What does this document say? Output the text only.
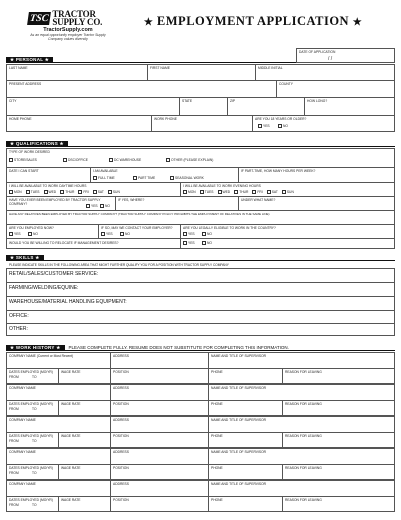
TSC TRACTOR
SUPPLY CO.
TractorSupply.com
As an equal opportunity employer Tractor Supply Company values diversity
★ EMPLOYMENT APPLICATION ★
DATE OF APPLICATION
/ /
★ PERSONAL ★
LAST NAME	FIRST NAME	MIDDLE INITIAL
PRESENT ADDRESS	COUNTY
CITY	STATE	ZIP	HOW LONG?
HOME PHONE	WORK PHONE	ARE YOU 18 YEARS OR OLDER?
YES	NO
★ QUALIFICATIONS ★
TYPE OF WORK DESIRED
STORE/SALES	DSC/OFFICE	DC WAREHOUSE	OTHER (PLEASE EXPLAIN)
DATE I CAN START	I AM AVAILABLE
FULL TIME	PART TIME	SEASONAL WORK
IF PART-TIME, HOW MANY HOURS PER WEEK?
I WILL BE AVAILABLE TO WORK DAYTIME HOURS	I WILL BE AVAILABLE TO WORK EVENING HOURS
MON	TUES	WED	THUR	FRI	SAT	SUN	MON	TUES	WED	THUR	FRI	SAT	SUN
HAVE YOU EVER BEEN EMPLOYED BY TRACTOR SUPPLY COMPANY?	YES	NO
IF YES, WHERE?	UNDER WHAT NAME?
HAVE ANY RELATIVES BEEN EMPLOYED BY TRACTOR SUPPLY COMPANY? (TRACTOR SUPPLY COMPANY POLICY PROHIBITS THE EMPLOYMENT OF RELATIVES IN THE SAME LINE)
ARE YOU EMPLOYED NOW?
YES	NO
IF SO, MAY WE CONTACT YOUR EMPLOYER?
YES	NO
ARE YOU LEGALLY ELIGIBLE TO WORK IN THE COUNTRY?
YES	NO
WOULD YOU BE WILLING TO RELOCATE IF MANAGEMENT DESIRES?	YES	NO
★ SKILLS ★
PLEASE INDICATE SKILLS IN THE FOLLOWING AREA THAT MIGHT FURTHER QUALIFY YOU FOR A POSITION WITH TRACTOR SUPPLY COMPANY
RETAIL/SALES/CUSTOMER SERVICE:
FARMING/WELDING/EQUINE:
WAREHOUSE/MATERIAL HANDLING EQUIPMENT:
OFFICE:
OTHER:
★ WORK HISTORY ★	PLEASE COMPLETE FULLY. RESUME DOES NOT SUBSTITUTE FOR COMPLETING THIS INFORMATION.
COMPANY NAME (Current or Most Recent)	ADDRESS	NAME AND TITLE OF SUPERVISOR
DATES EMPLOYED (MO/YR)
FROM	TO
WAGE RATE	POSITION	PHONE	REASON FOR LEAVING
COMPANY NAME	ADDRESS	NAME AND TITLE OF SUPERVISOR
DATES EMPLOYED (MO/YR)
FROM	TO
WAGE RATE	POSITION	PHONE	REASON FOR LEAVING
COMPANY NAME	ADDRESS	NAME AND TITLE OF SUPERVISOR
DATES EMPLOYED (MO/YR)
FROM	TO
WAGE RATE	POSITION	PHONE	REASON FOR LEAVING
COMPANY NAME	ADDRESS	NAME AND TITLE OF SUPERVISOR
DATES EMPLOYED (MO/YR)
FROM	TO
WAGE RATE	POSITION	PHONE	REASON FOR LEAVING
COMPANY NAME	ADDRESS	NAME AND TITLE OF SUPERVISOR
DATES EMPLOYED (MO/YR)
FROM	TO
WAGE RATE	POSITION	PHONE	REASON FOR LEAVING
